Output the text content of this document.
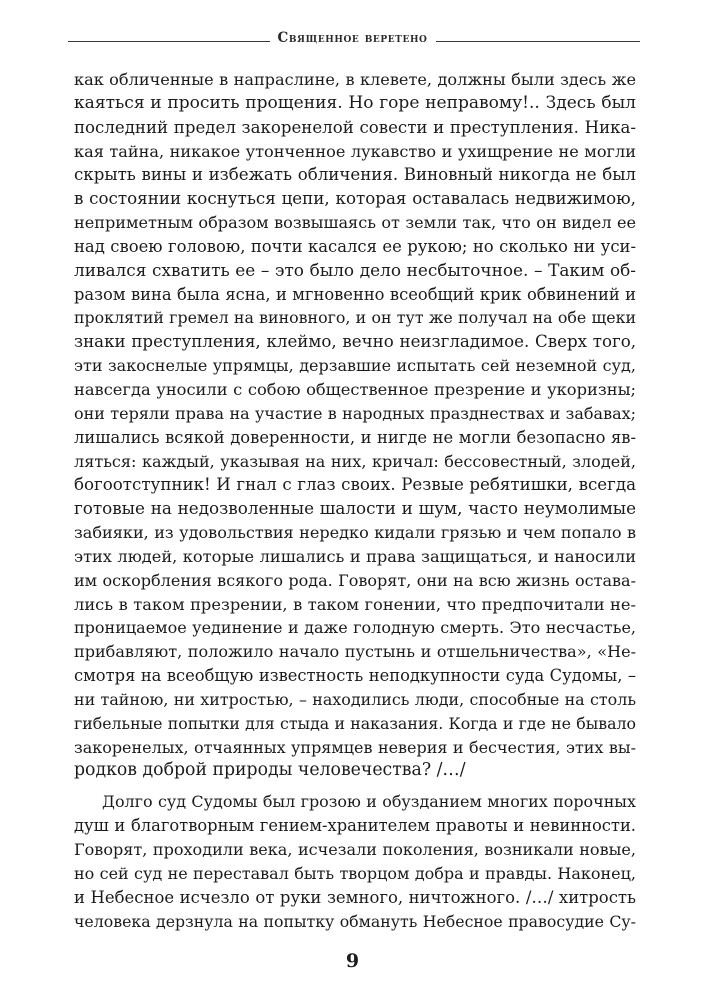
Священное веретено
как обличенные в напраслине, в клевете, должны были здесь же
каяться и просить прощения. Но горе неправому!.. Здесь был
последний предел закоренелой совести и преступления. Ника-
кая тайна, никакое утонченное лукавство и ухищрение не могли
скрыть вины и избежать обличения. Виновный никогда не был
в состоянии коснуться цепи, которая оставалась недвижимою,
неприметным образом возвышаясь от земли так, что он видел ее
над своею головою, почти касался ее рукою; но сколько ни уси-
ливался схватить ее – это было дело несбыточное. – Таким об-
разом вина была ясна, и мгновенно всеобщий крик обвинений и
проклятий гремел на виновного, и он тут же получал на обе щеки
знаки преступления, клеймо, вечно неизгладимое. Сверх того,
эти закоснелые упрямцы, дерзавшие испытать сей неземной суд,
навсегда уносили с собою общественное презрение и укоризны;
они теряли права на участие в народных празднествах и забавах;
лишались всякой доверенности, и нигде не могли безопасно яв-
ляться: каждый, указывая на них, кричал: бессовестный, злодей,
богоотступник! И гнал с глаз своих. Резвые ребятишки, всегда
готовые на недозволенные шалости и шум, часто неумолимые
забияки, из удовольствия нередко кидали грязью и чем попало в
этих людей, которые лишались и права защищаться, и наносили
им оскорбления всякого рода. Говорят, они на всю жизнь остава-
лись в таком презрении, в таком гонении, что предпочитали не-
проницаемое уединение и даже голодную смерть. Это несчастье,
прибавляют, положило начало пустынь и отшельничества», «Не-
смотря на всеобщую известность неподкупности суда Судомы, –
ни тайною, ни хитростью, – находились люди, способные на столь
гибельные попытки для стыда и наказания. Когда и где не бывало
закоренелых, отчаянных упрямцев неверия и бесчестия, этих вы-
родков доброй природы человечества? /…/
Долго суд Судомы был грозою и обузданием многих порочных
душ и благотворным гением-хранителем правоты и невинности.
Говорят, проходили века, исчезали поколения, возникали новые,
но сей суд не переставал быть творцом добра и правды. Наконец,
и Небесное исчезло от руки земного, ничтожного. /…/ хитрость
человека дерзнула на попытку обмануть Небесное правосудие Су-
9
